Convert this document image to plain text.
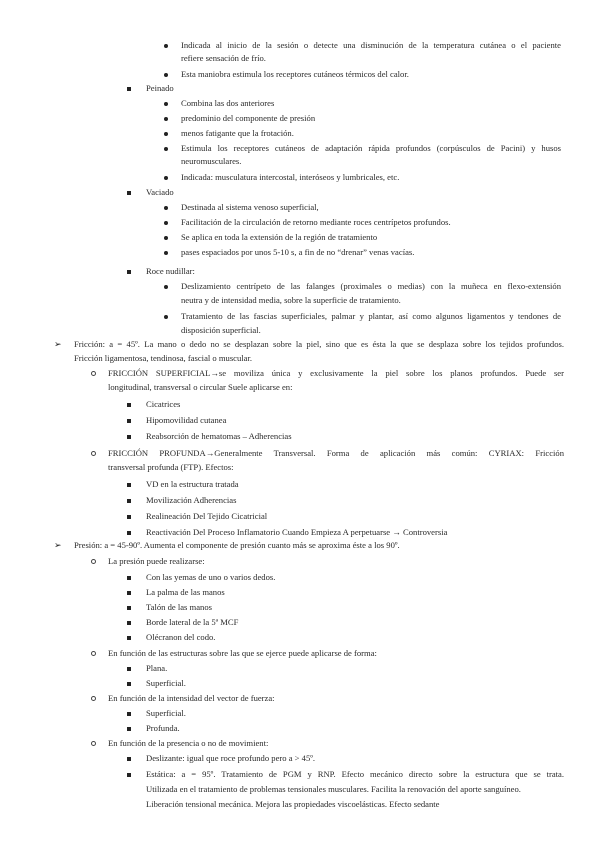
Indicada al inicio de la sesión o detecte una disminución de la temperatura cutánea o el paciente
refiere sensación de frío.
Esta maniobra estimula los receptores cutáneos térmicos del calor.
Peinado
Combina las dos anteriores
predominio del componente de presión
menos fatigante que la frotación.
Estimula los receptores cutáneos de adaptación rápida profundos (corpúsculos de Pacini) y husos
neuromusculares.
Indicada: musculatura intercostal, interóseos y lumbricales, etc.
Vaciado
Destinada al sistema venoso superficial,
Facilitación de la circulación de retorno mediante roces centrípetos profundos.
Se aplica en toda la extensión de la región de tratamiento
pases espaciados por unos 5-10 s, a fin de no “drenar” venas vacías.
Roce nudillar:
Deslizamiento centrípeto de las falanges (proximales o medias) con la muñeca en flexo-extensión
neutra y de intensidad media, sobre la superficie de tratamiento.
Tratamiento de las fascias superficiales, palmar y plantar, así como algunos ligamentos y tendones de
disposición superficial.
➢ Fricción: a = 45º. La mano o dedo no se desplazan sobre la piel, sino que es ésta la que se desplaza sobre los tejidos profundos.
Fricción ligamentosa, tendinosa, fascial o muscular.
FRICCIÓN SUPERFICIAL→se moviliza única y exclusivamente la piel sobre los planos profundos. Puede ser
longitudinal, transversal o circular Suele aplicarse en:
Cicatrices
Hipomovilidad cutanea
Reabsorción de hematomas – Adherencias
FRICCIÓN PROFUNDA→Generalmente Transversal. Forma de aplicación más común: CYRIAX: Fricción
transversal profunda (FTP). Efectos:
VD en la estructura tratada
Movilización Adherencias
Realineación Del Tejido Cicatricial
Reactivación Del Proceso Inflamatorio Cuando Empieza A perpetuarse → Controversia
➢ Presión: a = 45-90º. Aumenta el componente de presión cuanto más se aproxima éste a los 90º.
La presión puede realizarse:
Con las yemas de uno o varios dedos.
La palma de las manos
Talón de las manos
Borde lateral de la 5ª MCF
Olécranon del codo.
En función de las estructuras sobre las que se ejerce puede aplicarse de forma:
Plana.
Superficial.
En función de la intensidad del vector de fuerza:
Superficial.
Profunda.
En función de la presencia o no de movimient:
Deslizante: igual que roce profundo pero a > 45º.
Estática: a = 95º. Tratamiento de PGM y RNP. Efecto mecánico directo sobre la estructura que se trata.
Utilizada en el tratamiento de problemas tensionales musculares. Facilita la renovación del aporte sanguíneo.
Liberación tensional mecánica. Mejora las propiedades viscoelásticas. Efecto sedante
